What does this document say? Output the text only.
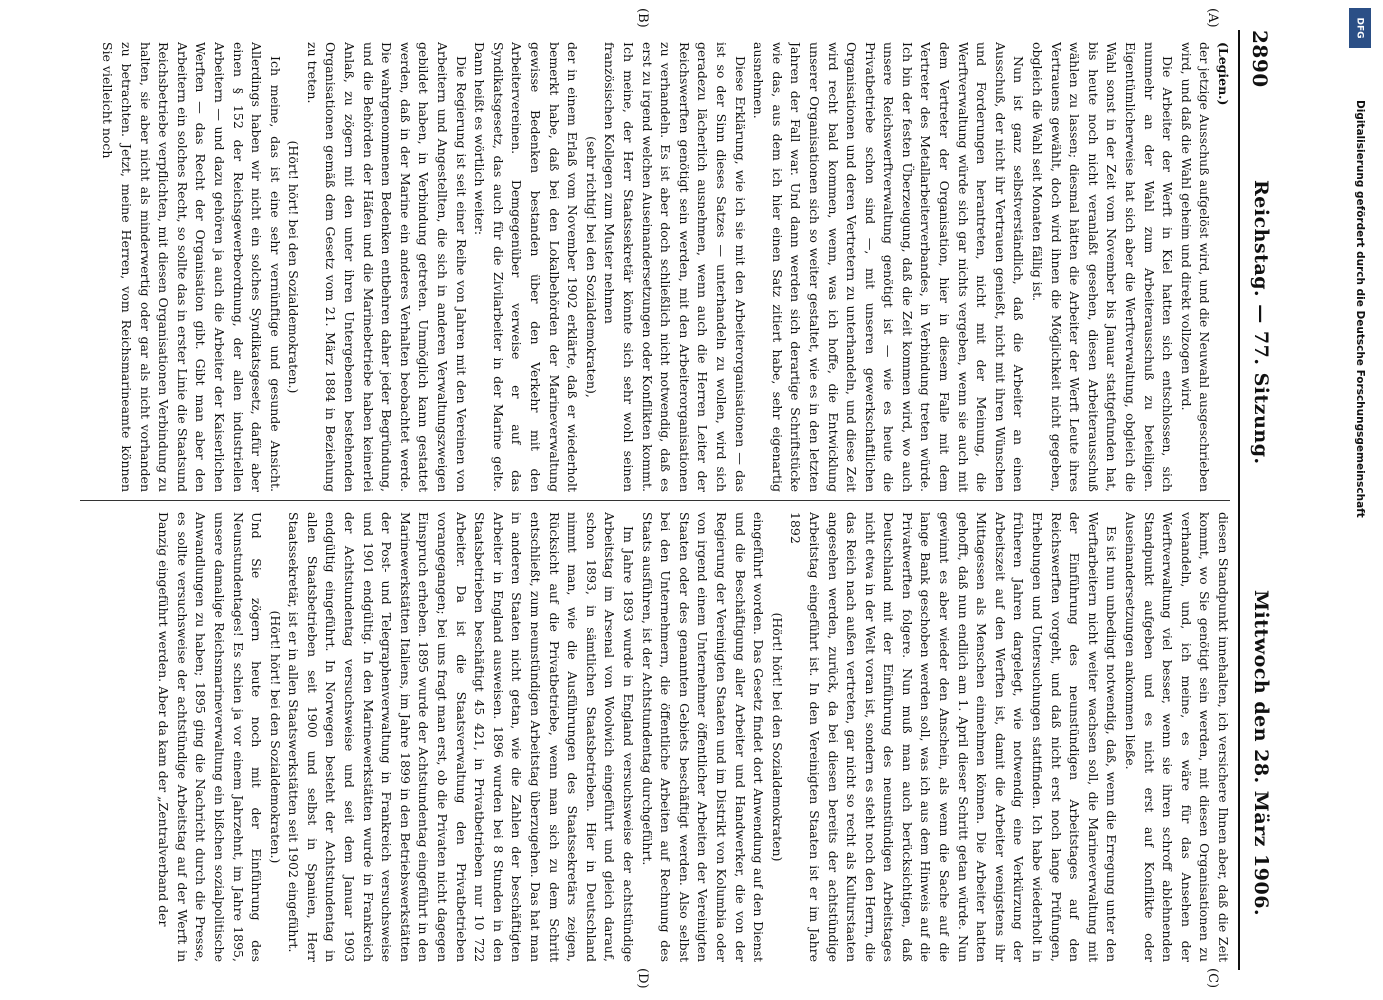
2890
Reichstag. — 77. Sitzung.
Mittwoch den 28. März 1906.
(A)
(B)
(C)
(D)

(Legien.)

der jetzige Ausschuß aufgelöst wird, und die Neuwahl ausgeschrieben wird, und daß die Wahl geheim und direkt vollzogen wird.

Die Arbeiter der Werft in Kiel hatten sich entschlossen, sich nunmehr an der Wahl zum Arbeiterausschuß zu beteiligen. Eigentümlicherweise hat sich aber die Werftverwaltung, obgleich die Wahl sonst in der Zeit vom November bis Januar stattgefunden hat, bis heute noch nicht veranlaßt gesehen, diesen Arbeiterausschuß wählen zu lassen; diesmal hätten die Arbeiter der Werft Leute ihres Vertrauens gewählt, doch wird ihnen die Möglichkeit nicht gegeben, obgleich die Wahl seit Monaten fällig ist.

Nun ist ganz selbstverständlich, daß die Arbeiter an einen Ausschuß, der nicht ihr Vertrauen genießt, nicht mit ihren Wünschen und Forderungen herantreten, nicht mit der Meinung, die Werftverwaltung würde sich gar nichts vergeben, wenn sie auch mit dem Vertreter der Organisation, hier in diesem Falle mit dem Vertreter des Metallarbeiterverbandes, in Verbindung treten würde. Ich bin der festen Überzeugung, daß die Zeit kommen wird, wo auch unsere Reichswerftverwaltung genötigt ist — wie es heute die Privatbetriebe schon sind —, mit unseren gewerkschaftlichen Organisationen und deren Vertretern zu unterhandeln, und diese Zeit wird recht bald kommen, wenn, was ich hoffe, die Entwicklung unserer Organisationen sich so weiter gestaltet, wie es in den letzten Jahren der Fall war. Und dann werden sich derartige Schriftstücke wie das, aus dem ich hier einen Satz zitiert habe, sehr eigenartig ausnehmen.

Diese Erklärung, wie ich sie mit den Arbeiterorganisationen — das ist so der Sinn dieses Satzes — unterhandeln zu wollen, wird sich geradezu lächerlich ausnehmen, wenn auch die Herren Leiter der Reichswerften genötigt sein werden, mit den Arbeiterorganisationen zu verhandeln. Es ist aber doch schließlich nicht notwendig, daß es erst zu irgend welchen Auseinandersetzungen oder Konflikten kommt. Ich meine, der Herr Staatssekretär könnte sich sehr wohl seinen französischen Kollegen zum Muster nehmen

(sehr richtig! bei den Sozialdemokraten),

der in einem Erlaß vom November 1902 erklärte, daß er wiederholt bemerkt habe, daß bei den Lokalbehörden der Marineverwaltung gewisse Bedenken bestanden über den Verkehr mit den Arbeitervereinen. Demgegenüber verweise er auf das Syndikatsgesetz, das auch für die Zivilarbeiter in der Marine gelte. Dann heißt es wörtlich weiter:

Die Regierung ist seit einer Reihe von Jahren mit den Vereinen von Arbeitern und Angestellten, die sich in anderen Verwaltungszweigen gebildet haben, in Verbindung getreten. Unmöglich kann gestattet werden, daß in der Marine ein anderes Verhalten beobachtet werde. Die wahrgenommenen Bedenken entbehren daher jeder Begründung, und die Behörden der Häfen und die Marinebetriebe haben keinerlei Anlaß, zu zögern mit den unter ihren Untergebenen bestehenden Organisationen gemäß dem Gesetz vom 21. März 1884 in Beziehung zu treten.

(Hört! hört! bei den Sozialdemokraten.)

Ich meine, das ist eine sehr vernünftige und gesunde Ansicht. Allerdings haben wir nicht ein solches Syndikatsgesetz, dafür aber einen § 152 der Reichsgewerbeordnung, der allen industriellen Arbeitern — und dazu gehören ja auch die Arbeiter der Kaiserlichen Werften — das Recht der Organisation gibt. Gibt man aber den Arbeitern ein solches Recht, so sollte das in erster Linie die Staatsund Reichsbetriebe verpflichten, mit diesen Organisationen Verbindung zu halten, sie aber nicht als minderwertig oder gar als nicht vorhanden zu betrachten. Jetzt, meine Herren, vom Reichsmarineamte können Sie vielleicht noch

diesen Standpunkt innehalten, ich versichere Ihnen aber, daß die Zeit kommt, wo Sie genötigt sein werden, mit diesen Organisationen zu verhandeln, und, ich meine, es wäre für das Ansehen der Werftverwaltung viel besser, wenn sie ihren schroff ablehnenden Standpunkt aufgeben und es nicht erst auf Konflikte oder Auseinandersetzungen ankommen ließe.

Es ist nun unbedingt notwendig, daß, wenn die Erregung unter den Werftarbeitern nicht weiter wachsen soll, die Marineverwaltung mit der Einführung des neunstündigen Arbeitstages auf den Reichswerften vorgeht, und daß nicht erst noch lange Prüfungen, Erhebungen und Untersuchungen stattfinden. Ich habe wiederholt in früheren Jahren dargelegt, wie notwendig eine Verkürzung der Arbeitszeit auf den Werften ist, damit die Arbeiter wenigstens ihr Mittagessen als Menschen einnehmen können. Die Arbeiter hatten gehofft, daß nun endlich am 1. April dieser Schritt getan würde. Nun gewinnt es aber wieder den Anschein, als wenn die Sache auf die lange Bank geschoben werden soll, was ich aus dem Hinweis auf die Privatwerften folgere. Nun muß man auch berücksichtigen, daß Deutschland mit der Einführung des neunstündigen Arbeitstages nicht etwa in der Welt voran ist, sondern es steht noch den Herrn, die das Reich nach außen vertreten, gar nicht so recht als Kulturstaaten angesehen werden, zurück, da bei diesen bereits der achtstündige Arbeitstag eingeführt ist. In den Vereinigten Staaten ist er im Jahre 1892

(Hört! hört! bei den Sozialdemokraten)

eingeführt worden. Das Gesetz findet dort Anwendung auf den Dienst und die Beschäftigung aller Arbeiter und Handwerker, die von der Regierung der Vereinigten Staaten und im Distrikt von Kolumbia oder von irgend einem Unternehmer öffentlicher Arbeiten der Vereinigten Staaten oder des genannten Gebiets beschäftigt werden. Also selbst bei den Unternehmern, die öffentliche Arbeiten auf Rechnung des Staats ausführen, ist der Achtstundentag durchgeführt.

Im Jahre 1893 wurde in England versuchsweise der achtstündige Arbeitstag im Arsenal von Woolwich eingeführt und gleich darauf, schon 1893, in sämtlichen Staatsbetrieben. Hier in Deutschland nimmt man, wie die Ausführungen des Staatssekretärs zeigen, Rücksicht auf die Privatbetriebe, wenn man sich zu dem Schritt entschließt, zum neunstündigen Arbeitstag überzugehen. Das hat man in anderen Staaten nicht getan, wie die Zahlen der beschäftigten Arbeiter in England ausweisen. 1896 wurden bei 8 Stunden in den Staatsbetrieben beschäftigt 45 421, in Privatbetrieben nur 10 722 Arbeiter. Da ist die Staatsverwaltung den Privatbetrieben vorangegangen; bei uns fragt man erst, ob die Privaten nicht dagegen Einspruch erheben. 1895 wurde der Achtstundentag eingeführt in den Marinewerkstätten Italiens, im Jahre 1899 in den Betriebswerkstätten der Post- und Telegraphenverwaltung in Frankreich versuchsweise und 1901 endgültig. In den Marinewerkstätten wurde in Frankreich der Achtstundentag versuchsweise und seit dem Januar 1903 endgültig eingeführt. In Norwegen besteht der Achtstundentag in allen Staatsbetrieben seit 1900 und selbst in Spanien, Herr Staatssekretär, ist er in allen Staatswerkstätten seit 1902 eingeführt.

(Hört! hört! bei den Sozialdemokraten.)

Und Sie zögern heute noch mit der Einführung des Neunstundentages! Es schien ja vor einem Jahrzehnt, im Jahre 1895, unsere damalige Reichsmarineverwaltung ein bißchen sozialpolitische Anwandlungen zu haben; 1895 ging die Nachricht durch die Presse, es sollte versuchsweise der achtstündige Arbeitstag auf der Werft in Danzig eingeführt werden. Aber da kam der „Zentralverband der

DFG
Digitalisierung gefördert durch die Deutsche Forschungsgemeinschaft
